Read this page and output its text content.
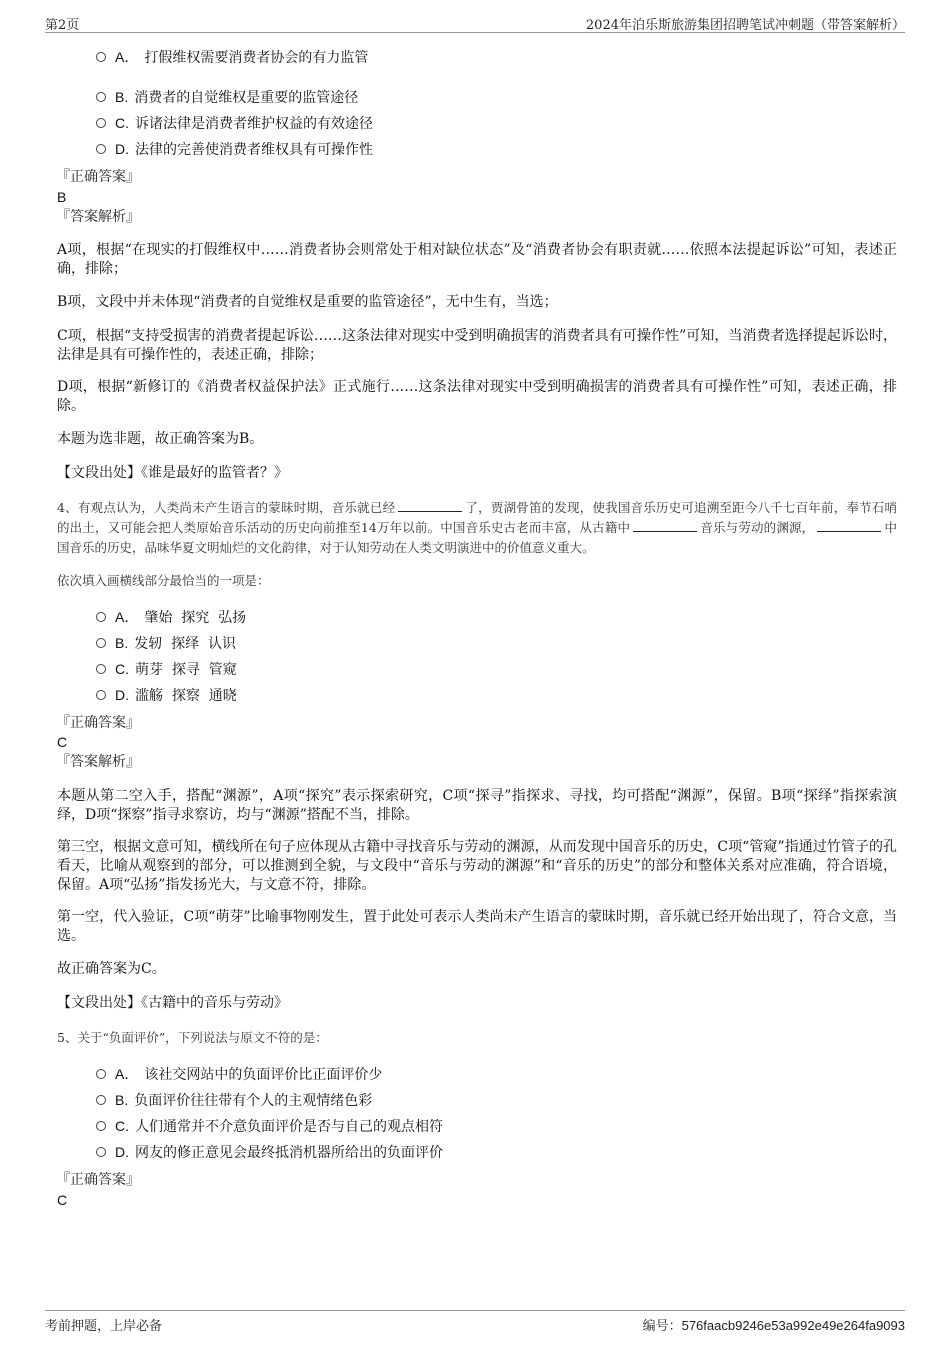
第2页	2024年泊乐斯旅游集团招聘笔试冲刺题（带答案解析）
A． 打假维权需要消费者协会的有力监管
B. 消费者的自觉维权是重要的监管途径
C. 诉诸法律是消费者维护权益的有效途径
D. 法律的完善使消费者维权具有可操作性
『正确答案』
B
『答案解析』
A项，根据“在现实的打假维权中……消费者协会则常处于相对缺位状态”及“消费者协会有职责就……依照本法提起诉讼”可知，表述正确，排除；
B项，文段中并未体现“消费者的自觉维权是重要的监管途径”，无中生有，当选；
C项，根据“支持受损害的消费者提起诉讼……这条法律对现实中受到明确损害的消费者具有可操作性”可知，当消费者选择提起诉讼时，法律是具有可操作性的，表述正确，排除；
D项，根据“新修订的《消费者权益保护法》正式施行……这条法律对现实中受到明确损害的消费者具有可操作性”可知，表述正确，排除。
本题为选非题，故正确答案为B。
【文段出处】《谁是最好的监管者？》
4、有观点认为，人类尚未产生语言的蒙昧时期，音乐就已经	了，贾湖骨笛的发现，使我国音乐历史可追溯至距今八千七百年前，奉节石哨的出土，又可能会把人类原始音乐活动的历史向前推至14万年以前。中国音乐史古老而丰富，从古籍中	音乐与劳动的渊源，	中国音乐的历史，品味华夏文明灿烂的文化韵律，对于认知劳动在人类文明演进中的价值意义重大。
依次填入画横线部分最恰当的一项是：
A． 肇始  探究  弘扬
B. 发轫  探绎  认识
C. 萌芽  探寻  管窥
D. 滥觞  探察  通晓
『正确答案』
C
『答案解析』
本题从第二空入手，搭配“渊源”，A项“探究”表示探索研究，C项“探寻”指探求、寻找，均可搭配“渊源”，保留。B项“探绎”指探索演绎，D项“探察”指寻求察访，均与“渊源”搭配不当，排除。
第三空，根据文意可知，横线所在句子应体现从古籍中寻找音乐与劳动的渊源，从而发现中国音乐的历史，C项“管窥”指通过竹管子的孔看天，比喻从观察到的部分，可以推测到全貌，与文段中“音乐与劳动的渊源”和“音乐的历史”的部分和整体关系对应准确，符合语境，保留。A项“弘扬”指发扬光大，与文意不符，排除。
第一空，代入验证，C项“萌芽”比喻事物刚发生，置于此处可表示人类尚未产生语言的蒙昧时期，音乐就已经开始出现了，符合文意，当选。
故正确答案为C。
【文段出处】《古籍中的音乐与劳动》
5、关于“负面评价”，下列说法与原文不符的是：
A． 该社交网站中的负面评价比正面评价少
B. 负面评价往往带有个人的主观情绪色彩
C. 人们通常并不介意负面评价是否与自己的观点相符
D. 网友的修正意见会最终抵消机器所给出的负面评价
『正确答案』
C
考前押题，上岸必备	编号：576faacb9246e53a992e49e264fa9093
